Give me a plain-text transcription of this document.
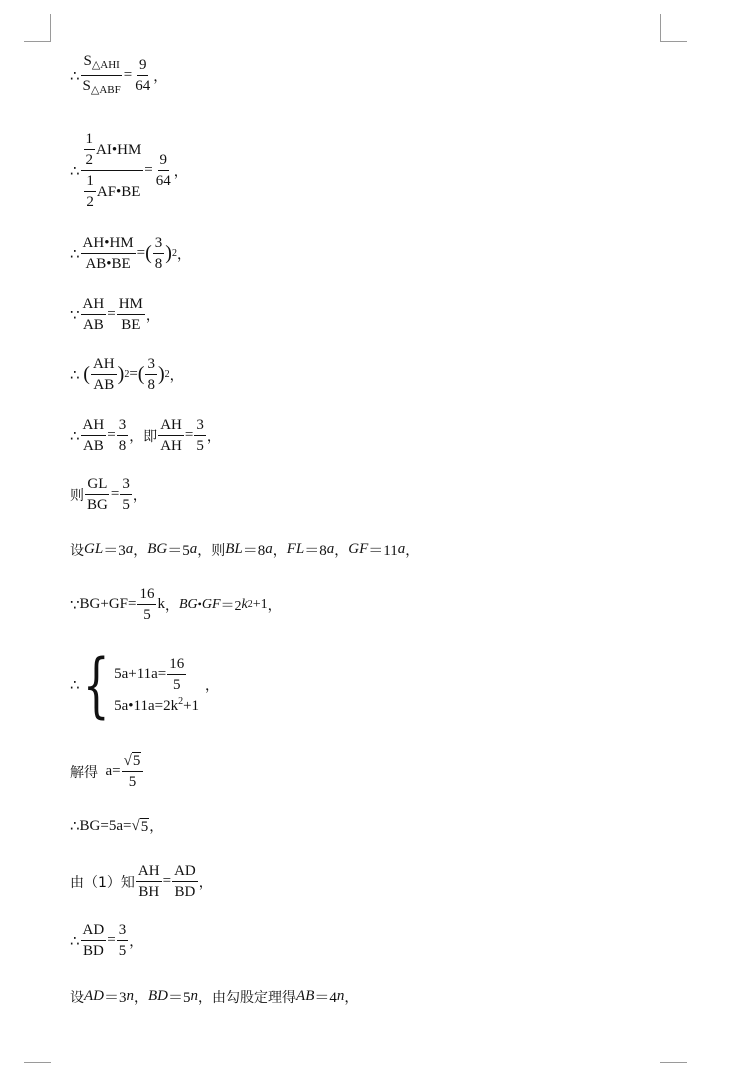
∴ $\frac{S_{\triangle AHI}}{S_{\triangle ABF}} = \frac{9}{64}$ ，
∴ $\frac{\frac{1}{2} AI•HM}{\frac{1}{2} AF•BE} = \frac{9}{64}$ ，
∴ $\frac{AH•HM}{AB•BE}$ = ( $\frac{3}{8}$ ) 2 ，
∵ $\frac{AH}{AB} = \frac{HM}{BE}$ ，
∴
( $\frac{AH}{AB}$ ) 2 = ( $\frac{3}{8}$ ) 2 ，
∴ $\frac{AH}{AB} = \frac{3}{8}$ ，即 $\frac{AH}{AH} = \frac{3}{5}$ ，
则 $\frac{GL}{BG} = \frac{3}{5}$ ，
设 GL ＝3 a ， BG ＝5 a ，则 BL ＝8 a ， FL ＝8 a ， GF ＝11 a ，
∵ $BG+GF= \frac{16}{5}$ k ， BG • GF ＝2 k 2 +1 ，
∴ { $5a+11a= \frac{16}{5}$
$5a•11a=2k^2+1$
，
解得
$a= \frac{√ 5}{5}$
∴ BG=5a= √ 5 ，
由（1）知 $\frac{AH}{BH} = \frac{AD}{BD}$ ，
∴ $\frac{AD}{BD} = \frac{3}{5}$ ，
设 AD ＝3 n ， BD ＝5 n ，由勾股定理得 AB ＝4 n ，
